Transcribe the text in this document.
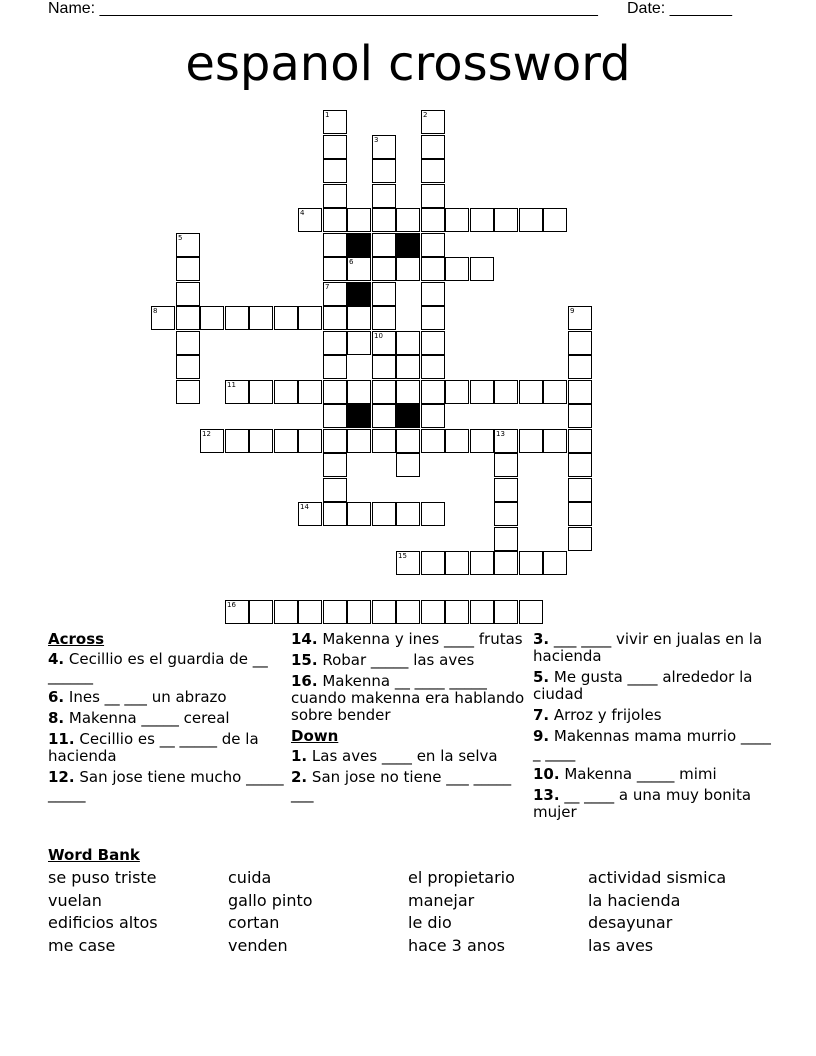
Name: ________________________________________________________ Date: _______
espanol crossword
1
7
2
3
10
5
9
13
4
6
8
11
12
14
15
16
Across
4. Cecillio es el guardia de __ ______
6. Ines __ ___ un abrazo
8. Makenna _____ cereal
11. Cecillio es __ _____ de la hacienda
12. San jose tiene mucho _____ _____
14. Makenna y ines ____ frutas
15. Robar _____ las aves
16. Makenna __ ____ _____ cuando makenna era hablando sobre bender
Down
1. Las aves ____ en la selva
2. San jose no tiene ___ _____ ___
3. ___ ____ vivir en jualas en la hacienda
5. Me gusta ____ alrededor la ciudad
7. Arroz y frijoles
9. Makennas mama murrio ____ _ ____
10. Makenna _____ mimi
13. __ ____ a una muy bonita mujer
Word Bank
se puso triste	cuida	el propietario	actividad sismica
vuelan	gallo pinto	manejar	la hacienda
edificios altos	cortan	le dio	desayunar
me case	venden	hace 3 anos	las aves
